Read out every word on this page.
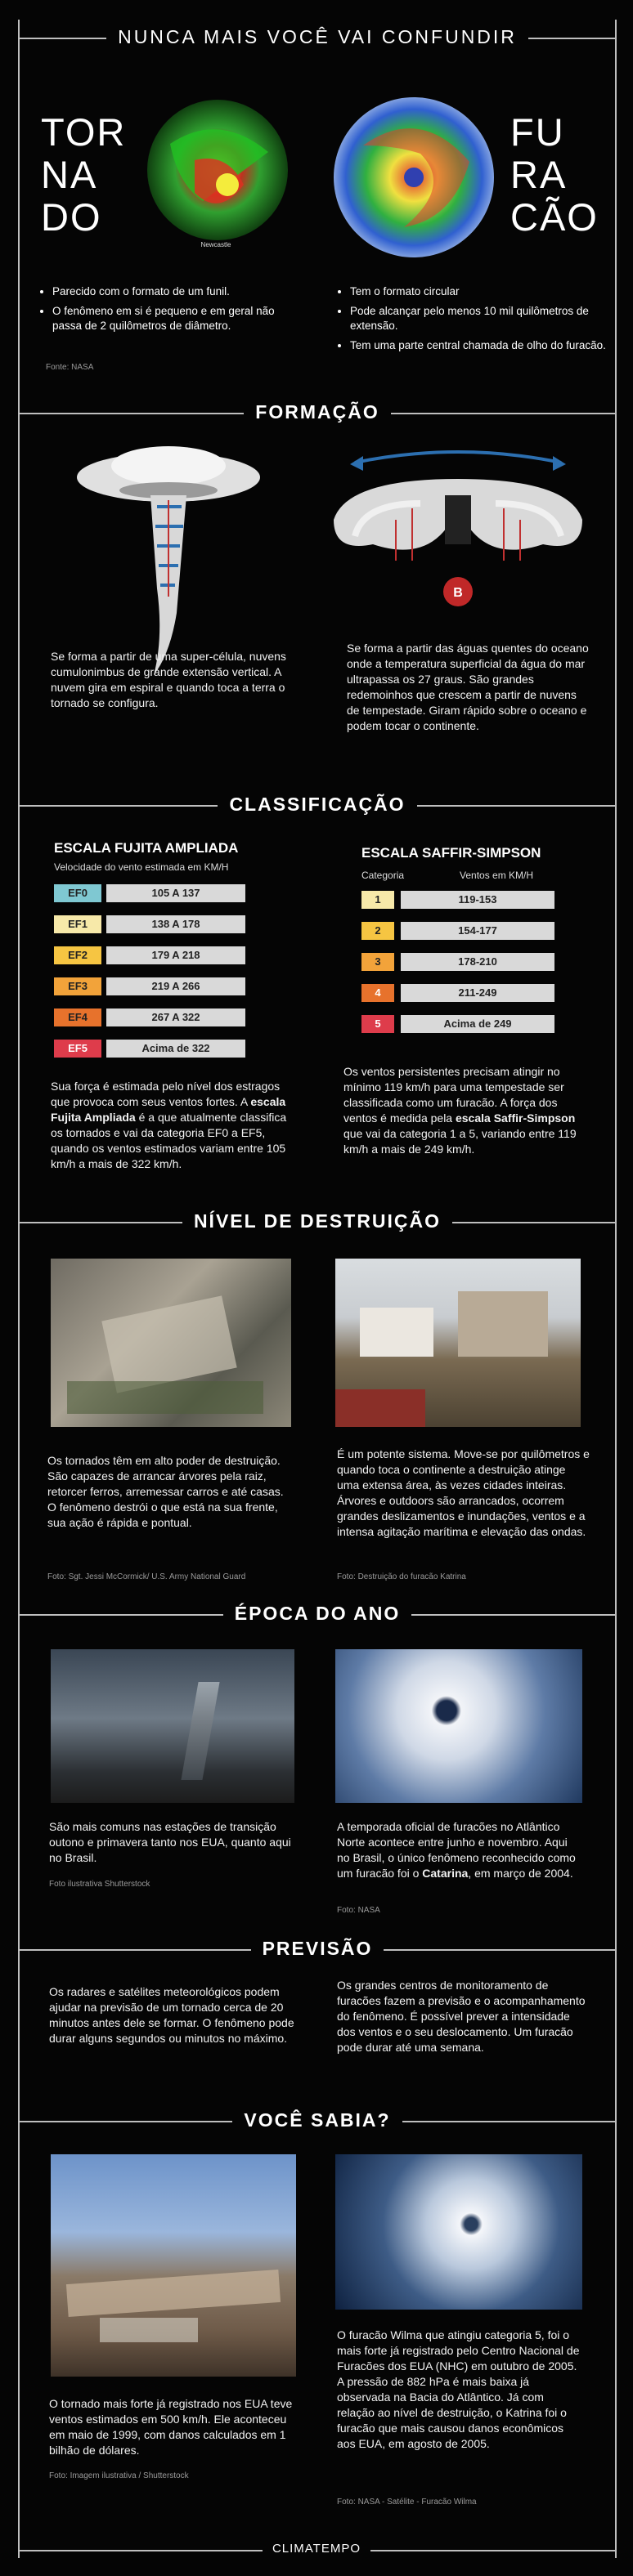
NUNCA MAIS VOCÊ VAI CONFUNDIR
TOR
NA
DO
FU
RA
CÃO
Newcastle
• Parecido com o formato de um funil.
• O fenômeno em si é pequeno e em geral não passa de 2 quilômetros de diâmetro.
Fonte: NASA
• Tem o formato circular
• Pode alcançar pelo menos 10 mil quilômetros de extensão.
• Tem uma parte central chamada de olho do furacão.
FORMAÇÃO
B

Se forma a partir de uma super-célula, nuvens cumulonimbus de grande extensão vertical. A nuvem gira em espiral e quando toca a terra o tornado se configura.

Se forma a partir das águas quentes do oceano onde a temperatura superficial da água do mar ultrapassa os 27 graus. São grandes redemoinhos que crescem a partir de nuvens de tempestade. Giram rápido sobre o oceano e podem tocar o continente.

CLASSIFICAÇÃO
ESCALA FUJITA AMPLIADA
Velocidade do vento estimada em KM/H
EF0	105 A 137
EF1	138 A 178
EF2	179 A 218
EF3	219 A 266
EF4	267 A 322
EF5	Acima de 322

Sua força é estimada pelo nível dos estragos que provoca com seus ventos fortes. A escala Fujita Ampliada é a que atualmente classifica os tornados e vai da categoria EF0 a EF5, quando os ventos estimados variam entre 105 km/h a mais de 322 km/h.

ESCALA SAFFIR-SIMPSON
Categoria	Ventos em KM/H
1	119-153
2	154-177
3	178-210
4	211-249
5	Acima de 249

Os ventos persistentes precisam atingir no mínimo 119 km/h para uma tempestade ser classificada como um furacão. A força dos ventos é medida pela escala Saffir-Simpson que vai da categoria 1 a 5, variando entre 119 km/h a mais de 249 km/h.

NÍVEL DE DESTRUIÇÃO

Os tornados têm em alto poder de destruição. São capazes de arrancar árvores pela raiz, retorcer ferros, arremessar carros e até casas. O fenômeno destrói o que está na sua frente, sua ação é rápida e pontual.

Foto: Sgt. Jessi McCormick/ U.S. Army National Guard

É um potente sistema. Move-se por quilômetros e quando toca o continente a destruição atinge uma extensa área, às vezes cidades inteiras. Árvores e outdoors são arrancados, ocorrem grandes deslizamentos e inundações, ventos e a intensa agitação marítima e elevação das ondas.

Foto: Destruição do furacão Katrina
ÉPOCA DO ANO

São mais comuns nas estações de transição outono e primavera tanto nos EUA, quanto aqui no Brasil.

Foto ilustrativa Shutterstock

A temporada oficial de furacões no Atlântico Norte acontece entre junho e novembro. Aqui no Brasil, o único fenômeno reconhecido como um furacão foi o Catarina, em março de 2004.

Foto: NASA
PREVISÃO

Os radares e satélites meteorológicos podem ajudar na previsão de um tornado cerca de 20 minutos antes dele se formar. O fenômeno pode durar alguns segundos ou minutos no máximo.

Os grandes centros de monitoramento de furacões fazem a previsão e o acompanhamento do fenômeno. É possível prever a intensidade dos ventos e o seu deslocamento. Um furacão pode durar até uma semana.

VOCÊ SABIA?

O tornado mais forte já registrado nos EUA teve ventos estimados em 500 km/h. Ele aconteceu em maio de 1999, com danos calculados em 1 bilhão de dólares.

Foto: Imagem ilustrativa / Shutterstock

O furacão Wilma que atingiu categoria 5, foi o mais forte já registrado pelo Centro Nacional de Furacões dos EUA (NHC) em outubro de 2005. A pressão de 882 hPa é mais baixa já observada na Bacia do Atlântico. Já com relação ao nível de destruição, o Katrina foi o furacão que mais causou danos econômicos aos EUA, em agosto de 2005.

Foto: NASA - Satélite - Furacão Wilma
CLIMATEMPO
